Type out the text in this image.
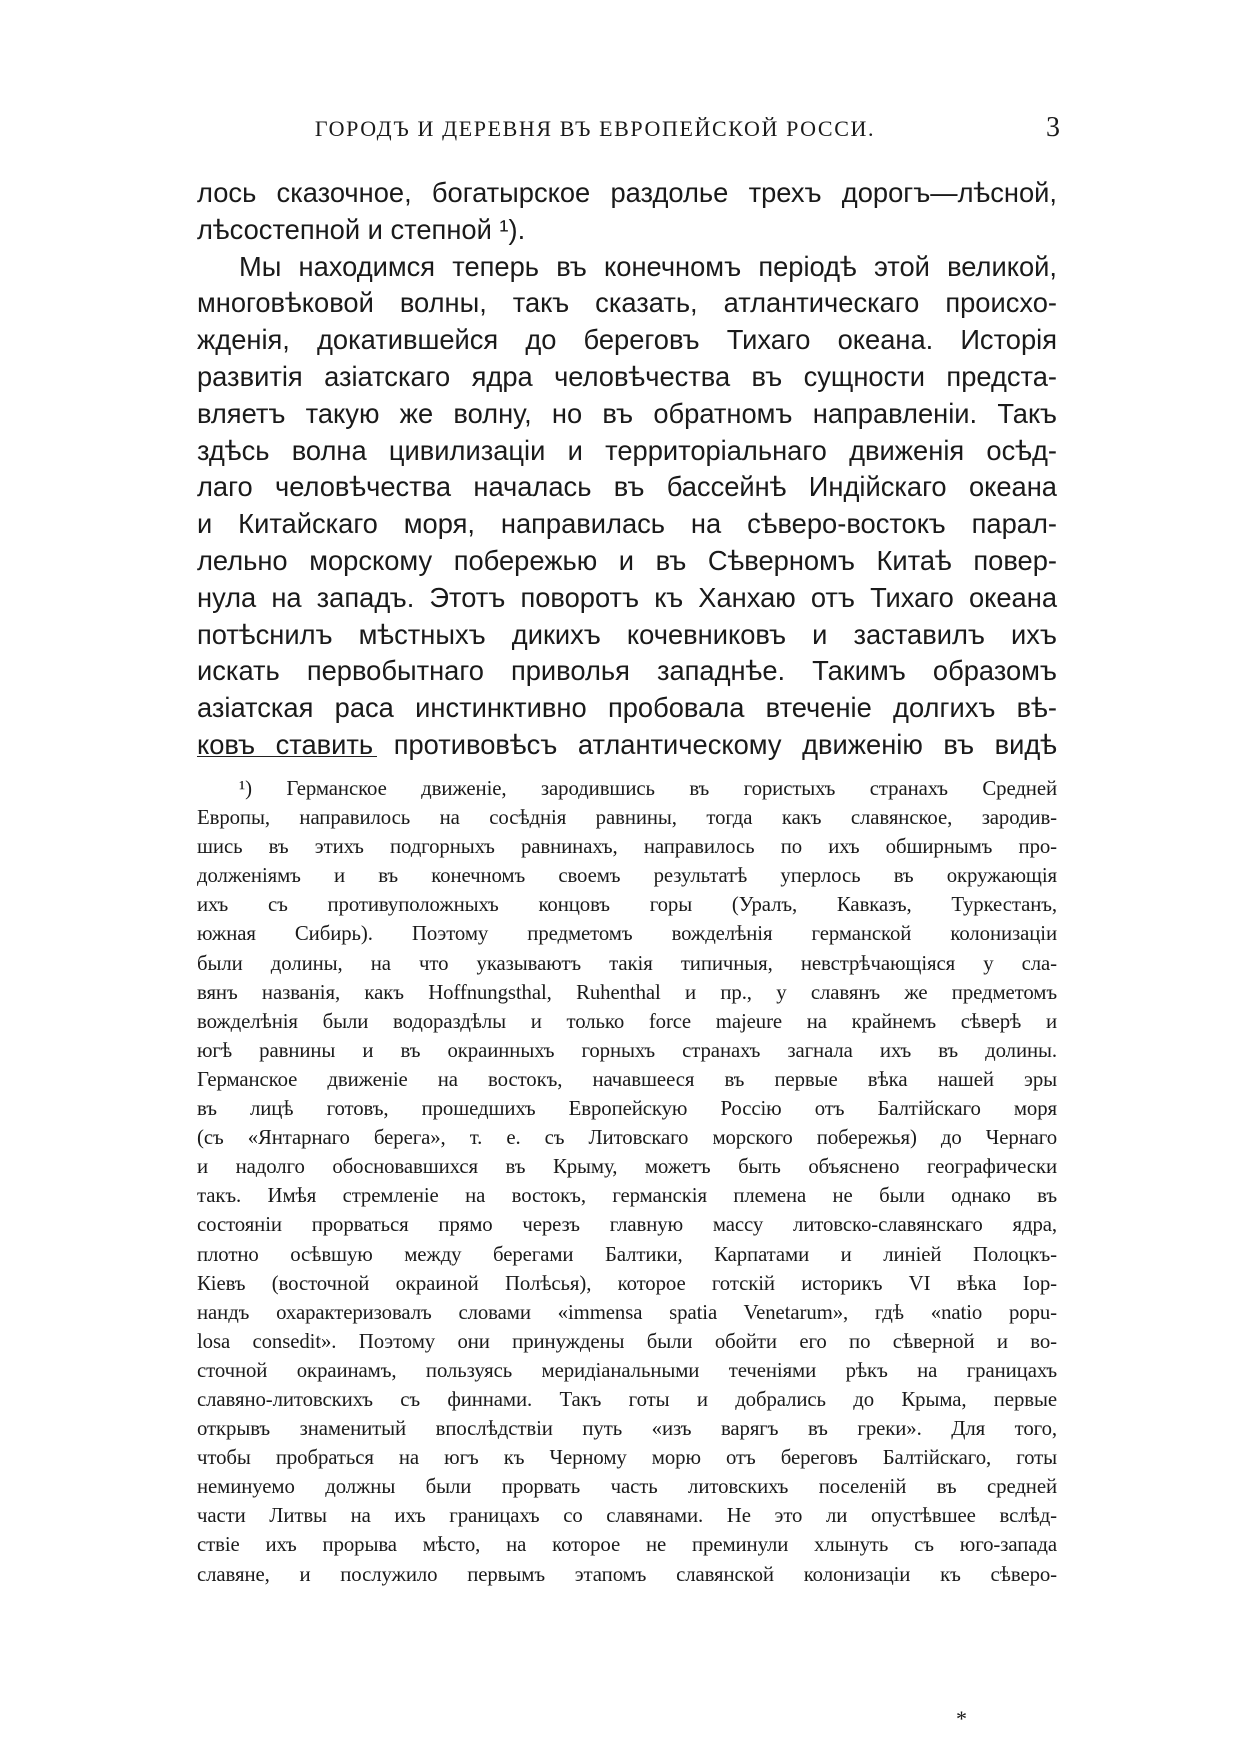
ГОРОДЪ И ДЕРЕВНЯ ВЪ ЕВРОПЕЙСКОЙ РОССИ.	3
лось сказочное, богатырское раздолье трехъ дорогъ—лѣсной,
лѣсостепной и степной ¹).
Мы находимся теперь въ конечномъ періодѣ этой великой,
многовѣковой волны, такъ сказать, атлантическаго происхо-
жденія, докатившейся до береговъ Тихаго океана. Исторія
развитія азіатскаго ядра человѣчества въ сущности предста-
вляетъ такую же волну, но въ обратномъ направленіи. Такъ
здѣсь волна цивилизаціи и территоріальнаго движенія осѣд-
лаго человѣчества началась въ бассейнѣ Индійскаго океана
и Китайскаго моря, направилась на сѣверо-востокъ парал-
лельно морскому побережью и въ Сѣверномъ Китаѣ повер-
нула на западъ. Этотъ поворотъ къ Ханхаю отъ Тихаго океана
потѣснилъ мѣстныхъ дикихъ кочевниковъ и заставилъ ихъ
искать первобытнаго приволья западнѣе. Такимъ образомъ
азіатская раса инстинктивно пробовала втеченіе долгихъ вѣ-
ковъ ставить противовѣсъ атлантическому движенію въ видѣ
¹) Германское движеніе, зародившись въ гористыхъ странахъ Средней
Европы, направилось на сосѣднія равнины, тогда какъ славянское, зародив-
шись въ этихъ подгорныхъ равнинахъ, направилось по ихъ обширнымъ про-
долженіямъ и въ конечномъ своемъ результатѣ уперлось въ окружающія
ихъ съ противуположныхъ концовъ горы (Уралъ, Кавказъ, Туркестанъ,
южная Сибирь). Поэтому предметомъ вожделѣнія германской колонизаціи
были долины, на что указываютъ такія типичныя, невстрѣчающіяся у сла-
вянъ названія, какъ Hoffnungsthal, Ruhenthal и пр., у славянъ же предметомъ
вожделѣнія были водораздѣлы и только force majeure на крайнемъ сѣверѣ и
югѣ равнины и въ окраинныхъ горныхъ странахъ загнала ихъ въ долины.
Германское движеніе на востокъ, начавшееся въ первые вѣка нашей эры
въ лицѣ готовъ, прошедшихъ Европейскую Россію отъ Балтійскаго моря
(съ «Янтарнаго берега», т. е. съ Литовскаго морского побережья) до Чернаго
и надолго обосновавшихся въ Крыму, можетъ быть объяснено географически
такъ. Имѣя стремленіе на востокъ, германскія племена не были однако въ
состояніи прорваться прямо черезъ главную массу литовско-славянскаго ядра,
плотно осѣвшую между берегами Балтики, Карпатами и линіей Полоцкъ-
Кіевъ (восточной окраиной Полѣсья), которое готскій историкъ VI вѣка Іор-
нандъ охарактеризовалъ словами «immensa spatia Venetarum», гдѣ «natio popu-
losa consedit». Поэтому они принуждены были обойти его по сѣверной и во-
сточной окраинамъ, пользуясь меридіанальными теченіями рѣкъ на границахъ
славяно-литовскихъ съ финнами. Такъ готы и добрались до Крыма, первые
открывъ знаменитый впослѣдствіи путь «изъ варягъ въ греки». Для того,
чтобы пробраться на югъ къ Черному морю отъ береговъ Балтійскаго, готы
неминуемо должны были прорвать часть литовскихъ поселеній въ средней
части Литвы на ихъ границахъ со славянами. Не это ли опустѣвшее вслѣд-
ствіе ихъ прорыва мѣсто, на которое не преминули хлынуть съ юго-запада
славяне, и послужило первымъ этапомъ славянской колонизаціи къ сѣверо-
*
